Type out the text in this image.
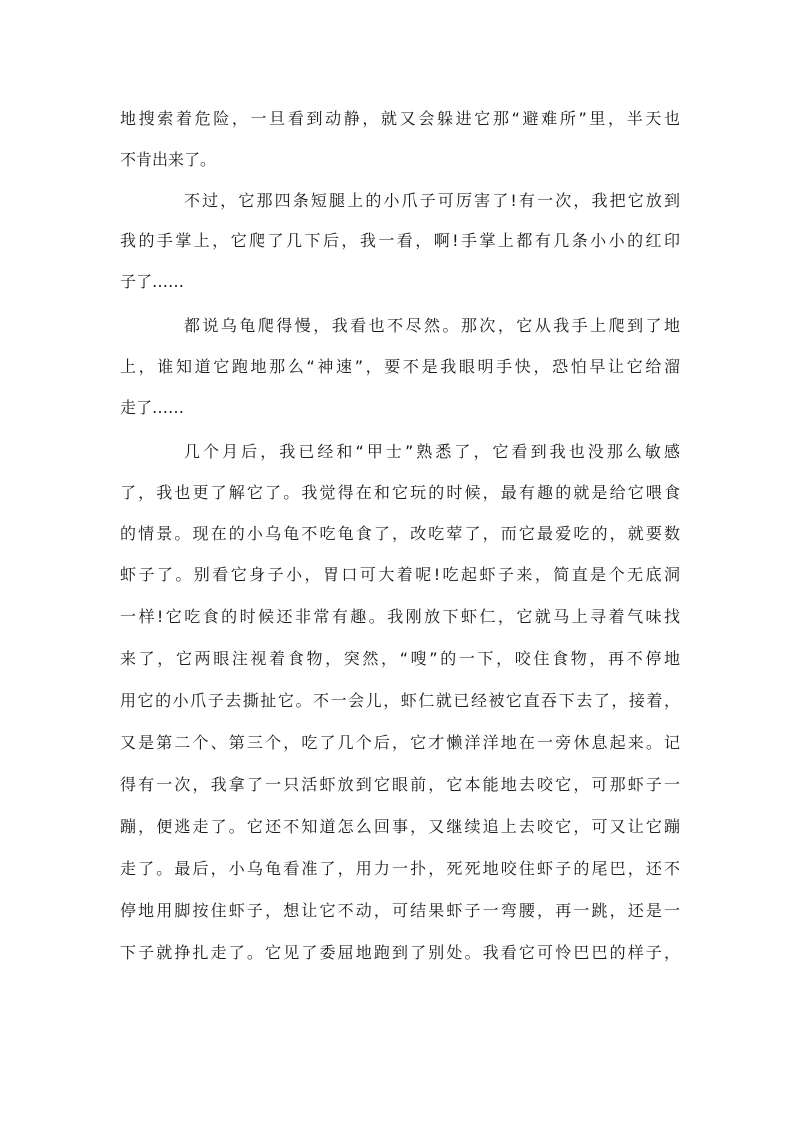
地搜索着危险，一旦看到动静，就又会躲进它那“避难所”里，半天也
不肯出来了。
不过，它那四条短腿上的小爪子可厉害了!有一次，我把它放到
我的手掌上，它爬了几下后，我一看，啊!手掌上都有几条小小的红印
子了……
都说乌龟爬得慢，我看也不尽然。那次，它从我手上爬到了地
上，谁知道它跑地那么“神速”，要不是我眼明手快，恐怕早让它给溜
走了……
几个月后，我已经和“甲士”熟悉了，它看到我也没那么敏感
了，我也更了解它了。我觉得在和它玩的时候，最有趣的就是给它喂食
的情景。现在的小乌龟不吃龟食了，改吃荤了，而它最爱吃的，就要数
虾子了。别看它身子小，胃口可大着呢!吃起虾子来，简直是个无底洞
一样!它吃食的时候还非常有趣。我刚放下虾仁，它就马上寻着气味找
来了，它两眼注视着食物，突然，“嗖”的一下，咬住食物，再不停地
用它的小爪子去撕扯它。不一会儿，虾仁就已经被它直吞下去了，接着，
又是第二个、第三个，吃了几个后，它才懒洋洋地在一旁休息起来。记
得有一次，我拿了一只活虾放到它眼前，它本能地去咬它，可那虾子一
蹦，便逃走了。它还不知道怎么回事，又继续追上去咬它，可又让它蹦
走了。最后，小乌龟看准了，用力一扑，死死地咬住虾子的尾巴，还不
停地用脚按住虾子，想让它不动，可结果虾子一弯腰，再一跳，还是一
下子就挣扎走了。它见了委屈地跑到了别处。我看它可怜巴巴的样子，
